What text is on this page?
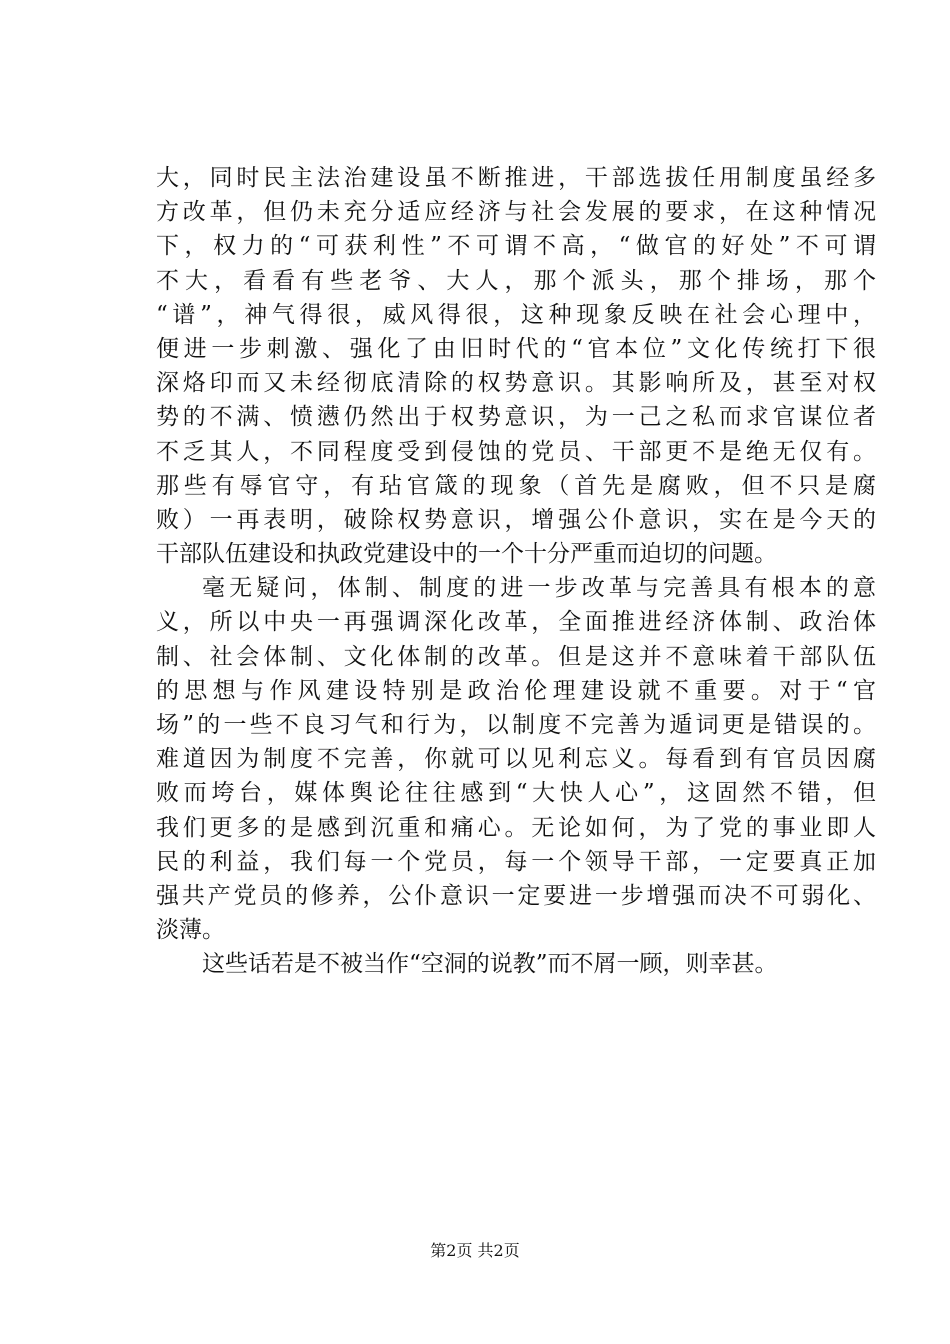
大，同时民主法治建设虽不断推进，干部选拔任用制度虽经多
方改革，但仍未充分适应经济与社会发展的要求，在这种情况
下，权力的“可获利性”不可谓不高，“做官的好处”不可谓
不大，看看有些老爷、大人，那个派头，那个排场，那个
“谱”，神气得很，威风得很，这种现象反映在社会心理中，
便进一步刺激、强化了由旧时代的“官本位”文化传统打下很
深烙印而又未经彻底清除的权势意识。其影响所及，甚至对权
势的不满、愤懑仍然出于权势意识，为一己之私而求官谋位者
不乏其人，不同程度受到侵蚀的党员、干部更不是绝无仅有。
那些有辱官守，有玷官箴的现象（首先是腐败，但不只是腐
败）一再表明，破除权势意识，增强公仆意识，实在是今天的
干部队伍建设和执政党建设中的一个十分严重而迫切的问题。
毫无疑问，体制、制度的进一步改革与完善具有根本的意
义，所以中央一再强调深化改革，全面推进经济体制、政治体
制、社会体制、文化体制的改革。但是这并不意味着干部队伍
的思想与作风建设特别是政治伦理建设就不重要。对于“官
场”的一些不良习气和行为，以制度不完善为遁词更是错误的。
难道因为制度不完善，你就可以见利忘义。每看到有官员因腐
败而垮台，媒体舆论往往感到“大快人心”，这固然不错，但
我们更多的是感到沉重和痛心。无论如何，为了党的事业即人
民的利益，我们每一个党员，每一个领导干部，一定要真正加
强共产党员的修养，公仆意识一定要进一步增强而决不可弱化、
淡薄。
这些话若是不被当作“空洞的说教”而不屑一顾，则幸甚。
第2页 共2页
